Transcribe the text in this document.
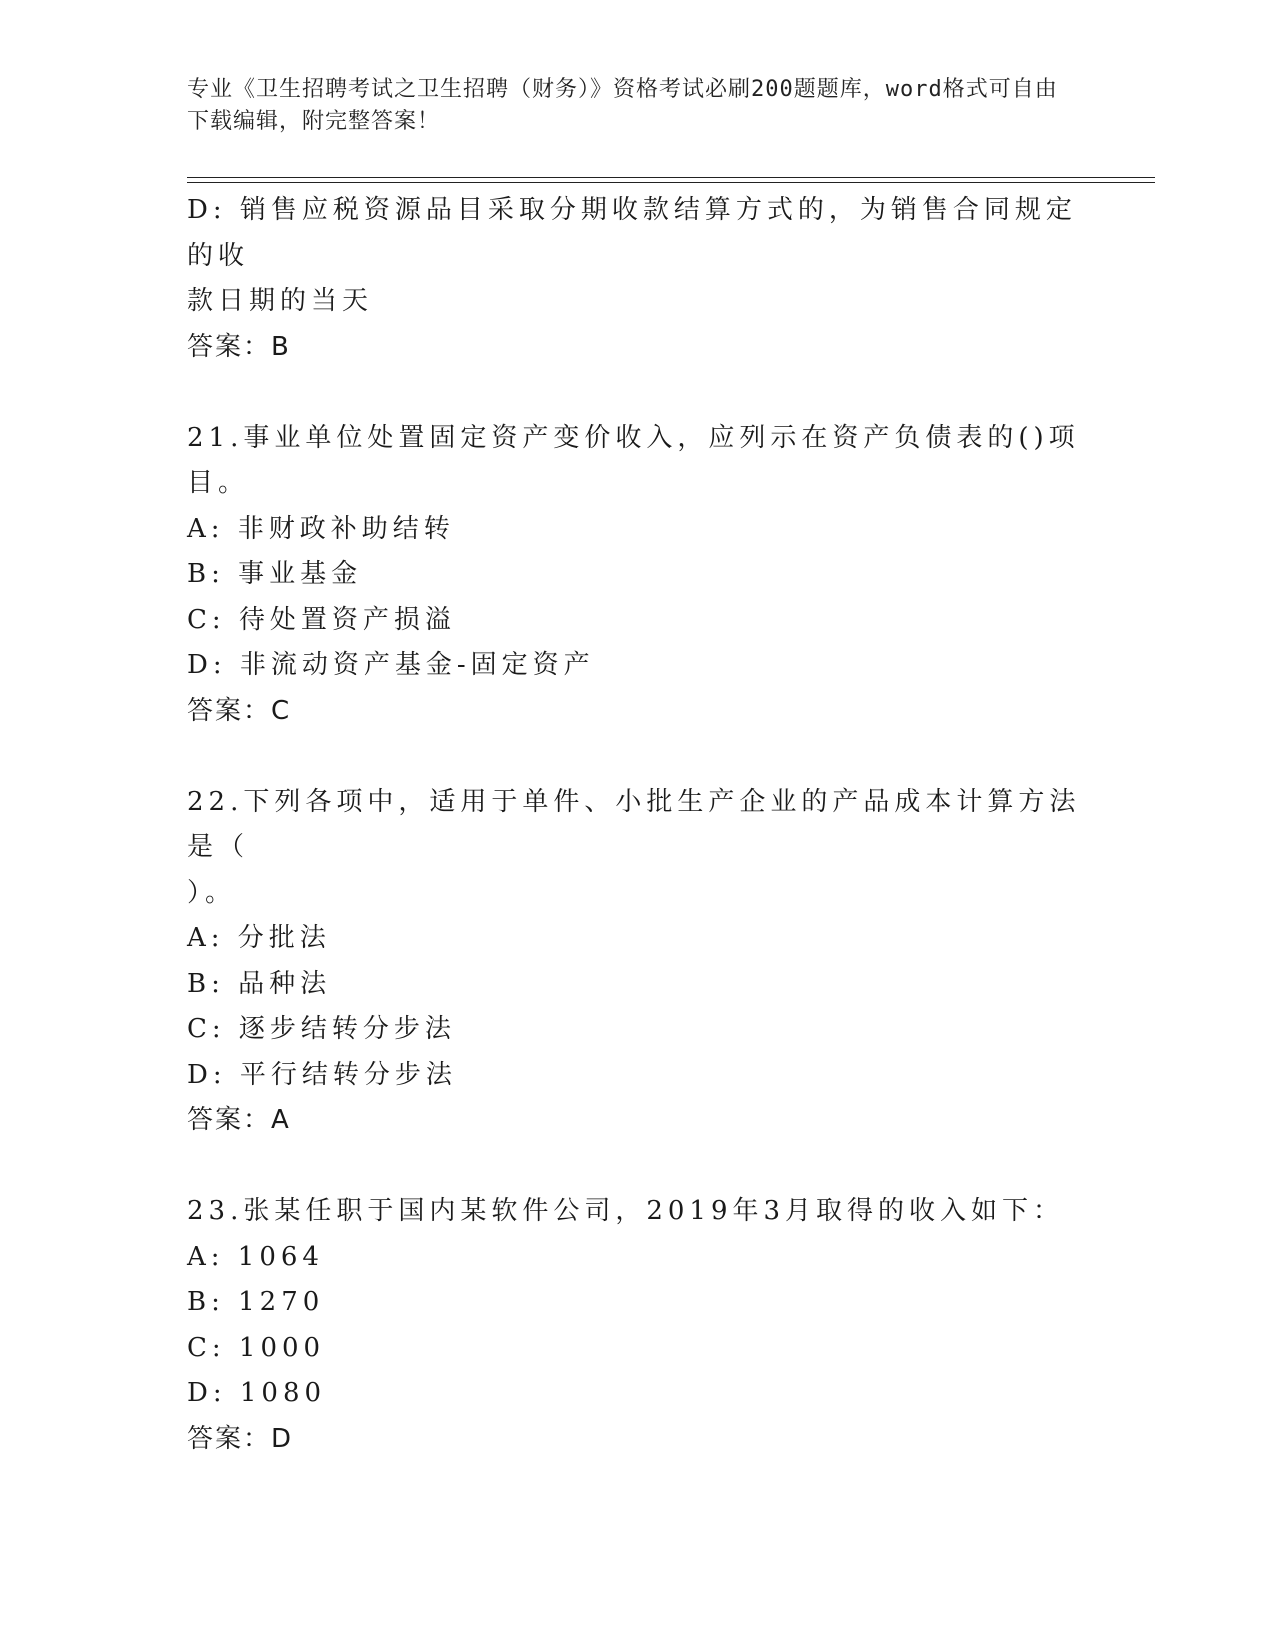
专业《卫生招聘考试之卫生招聘（财务）》资格考试必刷200题题库，word格式可自由下载编辑，附完整答案！
D: 销售应税资源品目采取分期收款结算方式的，为销售合同规定的收
款日期的当天
答案：B
21.事业单位处置固定资产变价收入，应列示在资产负债表的()项目。
A: 非财政补助结转
B: 事业基金
C: 待处置资产损溢
D: 非流动资产基金-固定资产
答案：C
22.下列各项中，适用于单件、小批生产企业的产品成本计算方法是（
）。
A: 分批法
B: 品种法
C: 逐步结转分步法
D: 平行结转分步法
答案：A
23.张某任职于国内某软件公司，2019年3月取得的收入如下：
A: 1064
B: 1270
C: 1000
D: 1080
答案：D
